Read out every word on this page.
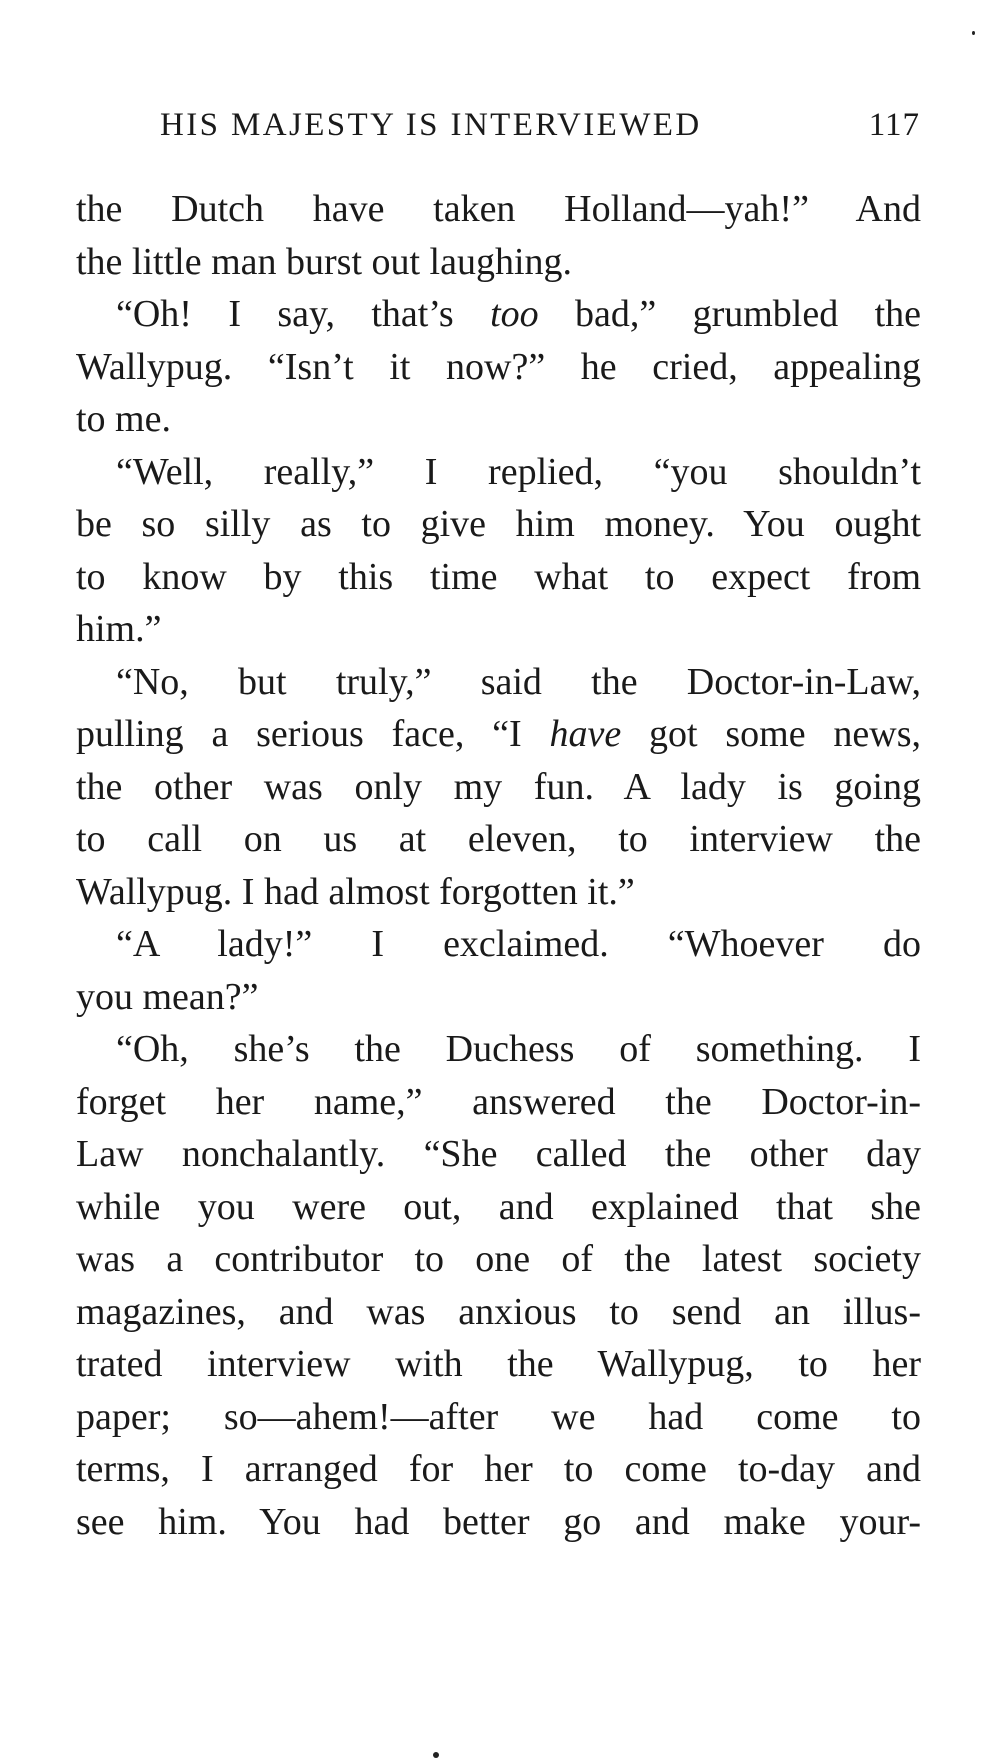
HIS MAJESTY IS INTERVIEWED	117
the Dutch have taken Holland—yah!” And
the little man burst out laughing.
“Oh! I say, that’s too bad,” grumbled the
Wallypug. “Isn’t it now?” he cried, appealing
to me.
“Well, really,” I replied, “you shouldn’t
be so silly as to give him money. You ought
to know by this time what to expect from
him.”
“No, but truly,” said the Doctor-in-Law,
pulling a serious face, “I have got some news,
the other was only my fun. A lady is going
to call on us at eleven, to interview the
Wallypug. I had almost forgotten it.”
“A lady!” I exclaimed. “Whoever do
you mean?”
“Oh, she’s the Duchess of something. I
forget her name,” answered the Doctor-in-
Law nonchalantly. “She called the other day
while you were out, and explained that she
was a contributor to one of the latest society
magazines, and was anxious to send an illus-
trated interview with the Wallypug, to her
paper; so—ahem!—after we had come to
terms, I arranged for her to come to-day and
see him. You had better go and make your-
